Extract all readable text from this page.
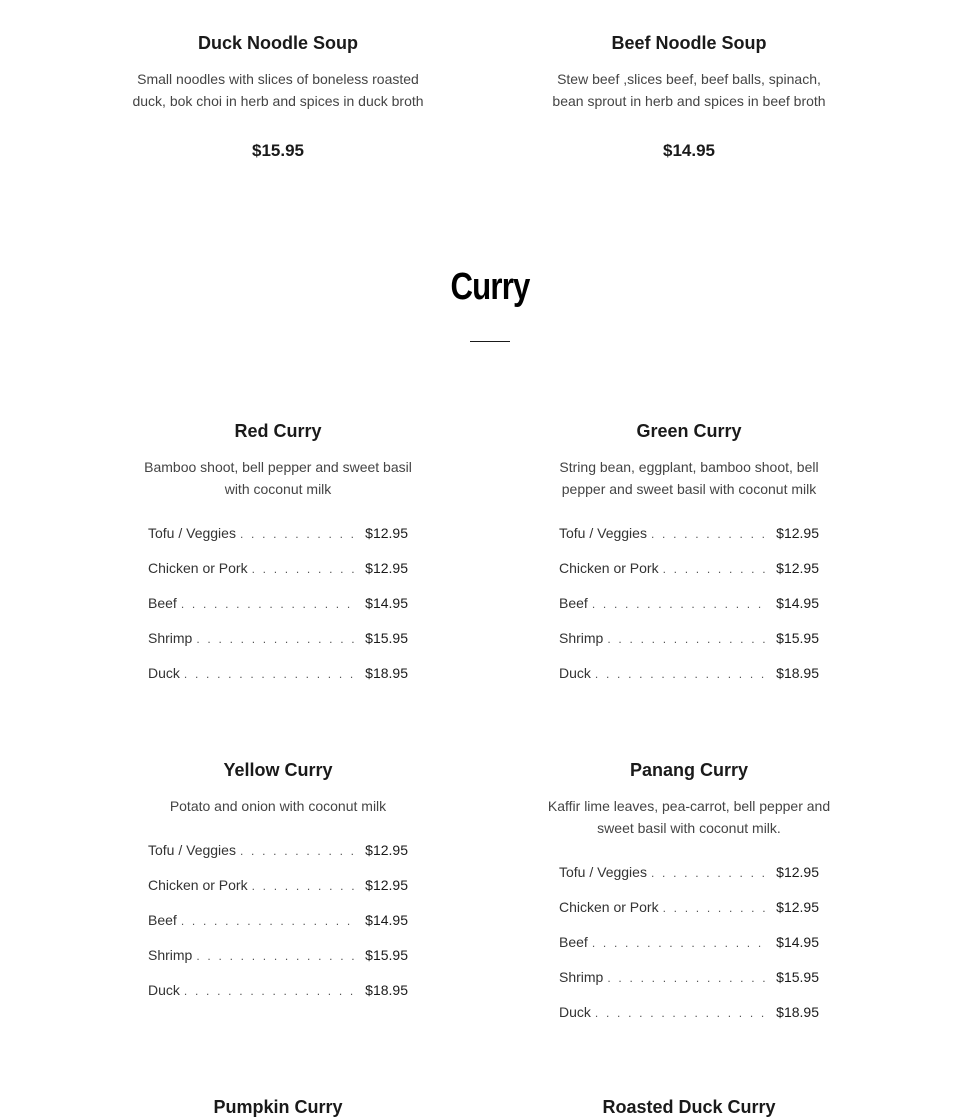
Duck Noodle Soup
Small noodles with slices of boneless roasted duck, bok choi in herb and spices in duck broth
$15.95
Beef Noodle Soup
Stew beef ,slices beef, beef balls, spinach, bean sprout in herb and spices in beef broth
$14.95
Curry
Red Curry
Bamboo shoot, bell pepper and sweet basil with coconut milk
Tofu / Veggies . . .	$12.95
Chicken or Pork . . .	$12.95
Beef . . .	$14.95
Shrimp . . .	$15.95
Duck . . .	$18.95
Green Curry
String bean, eggplant, bamboo shoot, bell pepper and sweet basil with coconut milk
Tofu / Veggies . . .	$12.95
Chicken or Pork . . .	$12.95
Beef . . .	$14.95
Shrimp . . .	$15.95
Duck . . .	$18.95
Yellow Curry
Potato and onion with coconut milk
Tofu / Veggies . . .	$12.95
Chicken or Pork . . .	$12.95
Beef . . .	$14.95
Shrimp . . .	$15.95
Duck . . .	$18.95
Panang Curry
Kaffir lime leaves, pea-carrot, bell pepper and sweet basil with coconut milk.
Tofu / Veggies . . .	$12.95
Chicken or Pork . . .	$12.95
Beef . . .	$14.95
Shrimp . . .	$15.95
Duck . . .	$18.95
Pumpkin Curry	Roasted Duck Curry
